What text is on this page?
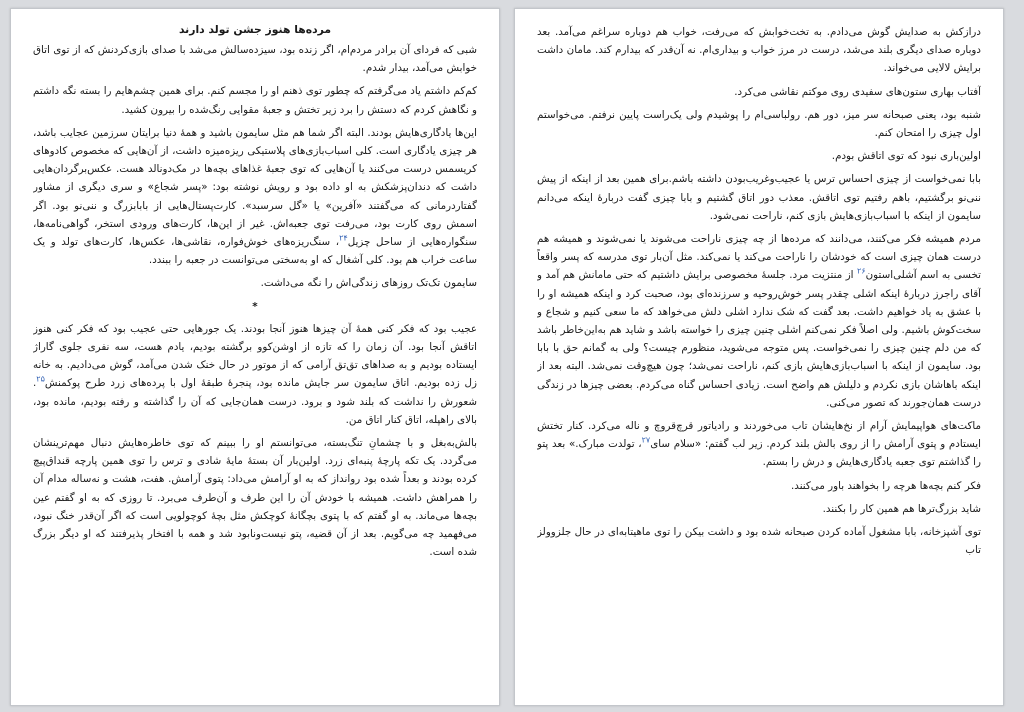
درازکش به صدایش گوش می‌دادم. به تخت‌خوابش که می‌رفت، خواب هم دوباره سراغم می‌آمد. بعد دوباره صدای دیگری بلند می‌شد، درست در مرز خواب و بیداری‌ام. نه آن‌قدر که بیدارم کند. مامان داشت برایش لالایی می‌خواند.

آفتاب بهاری ستون‌های سفیدی روی موکتم نقاشی می‌کرد.

شنبه بود، یعنی صبحانه سر میز، دور هم. رولباسی‌ام را پوشیدم ولی یک‌راست پایین نرفتم. می‌خواستم اول چیزی را امتحان کنم.

اولین‌باری نبود که توی اتاقش بودم.

بابا نمی‌خواست از چیزی احساس ترس یا عجیب‌وغریب‌بودن داشته باشم.برای همین بعد از اینکه از پیش ننی‌نو برگشتیم، باهم رفتیم توی اتاقش. معذب دور اتاق گشتیم و بابا چیزی گفت دربارهٔ اینکه می‌دانم سایمون از اینکه با اسباب‌بازی‌هایش بازی کنم، ناراحت نمی‌شود.

مردم همیشه فکر می‌کنند، می‌دانند که مرده‌ها از چه چیزی ناراحت می‌شوند یا نمی‌شوند و همیشه هم درست همان چیزی است که خودشان را ناراحت می‌کند یا نمی‌کند. مثل آن‌بار توی مدرسه که پسر واقعاً تخسی به اسم آشلی‌استون$^{۲۶}$ از منتزیت مرد. جلسهٔ مخصوصی برایش داشتیم که حتی مامانش هم آمد و آقای راجرز دربارهٔ اینکه اشلی چقدر پسر خوش‌روحیه و سرزنده‌ای بود، صحبت کرد و اینکه همیشه او را با عشق به یاد خواهیم داشت. بعد گفت که شک ندارد اشلی دلش می‌خواهد که ما سعی کنیم و شجاع و سخت‌کوش باشیم. ولی اصلاً فکر نمی‌کنم اشلی چنین چیزی را خواسته باشد و شاید هم به‌این‌خاطر باشد که من دلم چنین چیزی را نمی‌خواست. پس متوجه می‌شوید، منظورم چیست؟ ولی به گمانم حق با بابا بود. سایمون از اینکه با اسباب‌بازی‌هایش بازی کنم، ناراحت نمی‌شد؛ چون هیچ‌وقت نمی‌شد. البته بعد از اینکه باهاشان بازی نکردم و دلیلش هم واضح است. زیادی احساس گناه می‌کردم. بعضی چیزها در زندگی درست همان‌جورند که تصور می‌کنی.

ماکت‌های هواپیمایش آرام از نخ‌هایشان تاب می‌خوردند و رادیاتور قرچ‌قروچ و ناله می‌کرد. کنار تختش ایستادم و پتوی آرامش را از روی بالش بلند کردم. زیر لب گفتم: «سلام سای$^{۲۷}$، تولدت مبارک.» بعد پتو را گذاشتم توی جعبه یادگاری‌هایش و درش را بستم.

فکر کنم بچه‌ها هرچه را بخواهند باور می‌کنند.

شاید بزرگ‌ترها هم همین کار را بکنند.

توی آشپزخانه، بابا مشغول آماده کردن صبحانه شده بود و داشت بیکن را توی ماهیتابه‌ای در حال جلزوولز تاب

مرده‌ها هنوز جشن تولد دارند

شبی که فردای آن برادر مردم‌ام، اگر زنده بود، سیزده‌سالش می‌شد با صدای بازی‌کردنش که از توی اتاق خوابش می‌آمد، بیدار شدم.

کم‌کم داشتم یاد می‌گرفتم که چطور توی ذهنم او را مجسم کنم. برای همین چشم‌هایم را بسته نگه داشتم و نگاهش کردم که دستش را برد زیر تختش و جعبهٔ مقوایی رنگ‌شده را بیرون کشید.

این‌ها یادگاری‌هایش بودند. البته اگر شما هم مثل سایمون باشید و همهٔ دنیا برایتان سرزمین عجایب باشد، هر چیزی یادگاری است. کلی اسباب‌بازی‌های پلاستیکی ریزه‌میزه داشت، از آن‌هایی که مخصوص کادوهای کریسمس درست می‌کنند یا آن‌هایی که توی جعبهٔ غذاهای بچه‌ها در مک‌دونالد هست. عکس‌برگردان‌هایی داشت که دندان‌پزشکش به او داده بود و رویش نوشته بود: «پسر شجاع» و سری دیگری از مشاور گفتاردرمانی که می‌گفتند «آفرین» یا «گل سرسبد». کارت‌پستال‌هایی از بابابزرگ و ننی‌نو بود. اگر اسمش روی کارت بود، می‌رفت توی جعبه‌اش. غیر از این‌ها، کارت‌های ورودی استخر، گواهی‌نامه‌ها، سنگواره‌هایی از ساحل چزیل$^{۲۴}$، سنگ‌ریزه‌های خوش‌فواره، نقاشی‌ها، عکس‌ها، کارت‌های تولد و یک ساعت خراب هم بود. کلی آشغال که او به‌سختی می‌توانست در جعبه را ببندد.

سایمون تک‌تک روزهای زندگی‌اش را نگه می‌داشت.

*

عجیب بود که فکر کنی همهٔ آن چیزها هنوز آنجا بودند. یک جورهایی حتی عجیب بود که فکر کنی هنوز اتاقش آنجا بود. آن زمان را که تازه از اوشن‌کوو برگشته بودیم، یادم هست، سه نفری جلوی گاراژ ایستاده بودیم و به صداهای تق‌تق آرامی که از موتور در حال خنک شدن می‌آمد، گوش می‌دادیم. به خانه زل زده بودیم. اتاق سایمون سر جایش مانده بود، پنجرهٔ طبقهٔ اول با پرده‌های زرد طرح پوکمنش$^{۲۵}$. شعورش را نداشت که بلند شود و برود. درست همان‌جایی که آن را گذاشته و رفته بودیم، مانده بود، بالای راهپله، اتاق کنار اتاق من.

بالش‌به‌بغل و با چشمانِ تنگ‌بسته، می‌توانستم او را ببینم که توی خاطره‌هایش دنبال مهم‌ترینشان می‌گردد. یک تکه پارچهٔ پنبه‌ای زرد. اولین‌بار آن بستهٔ مایهٔ شادی و ترس را توی همین پارچه قنداق‌پیچ کرده بودند و بعداً شده بود روانداز که به او آرامش می‌داد: پتوی آرامش. هفت، هشت و نه‌ساله مدام آن را همراهش داشت. همیشه با خودش آن را این طرف و آن‌طرف می‌برد. تا روزی که به او گفتم عین بچه‌ها می‌ماند. به او گفتم که با پتوی بچگانهٔ کوچکش مثل بچهٔ کوچولویی است که اگر آن‌قدر خنگ نبود، می‌فهمید چه می‌گویم. بعد از آن قضیه، پتو نیست‌ونابود شد و همه با افتخار پذیرفتند که او دیگر بزرگ شده است.
